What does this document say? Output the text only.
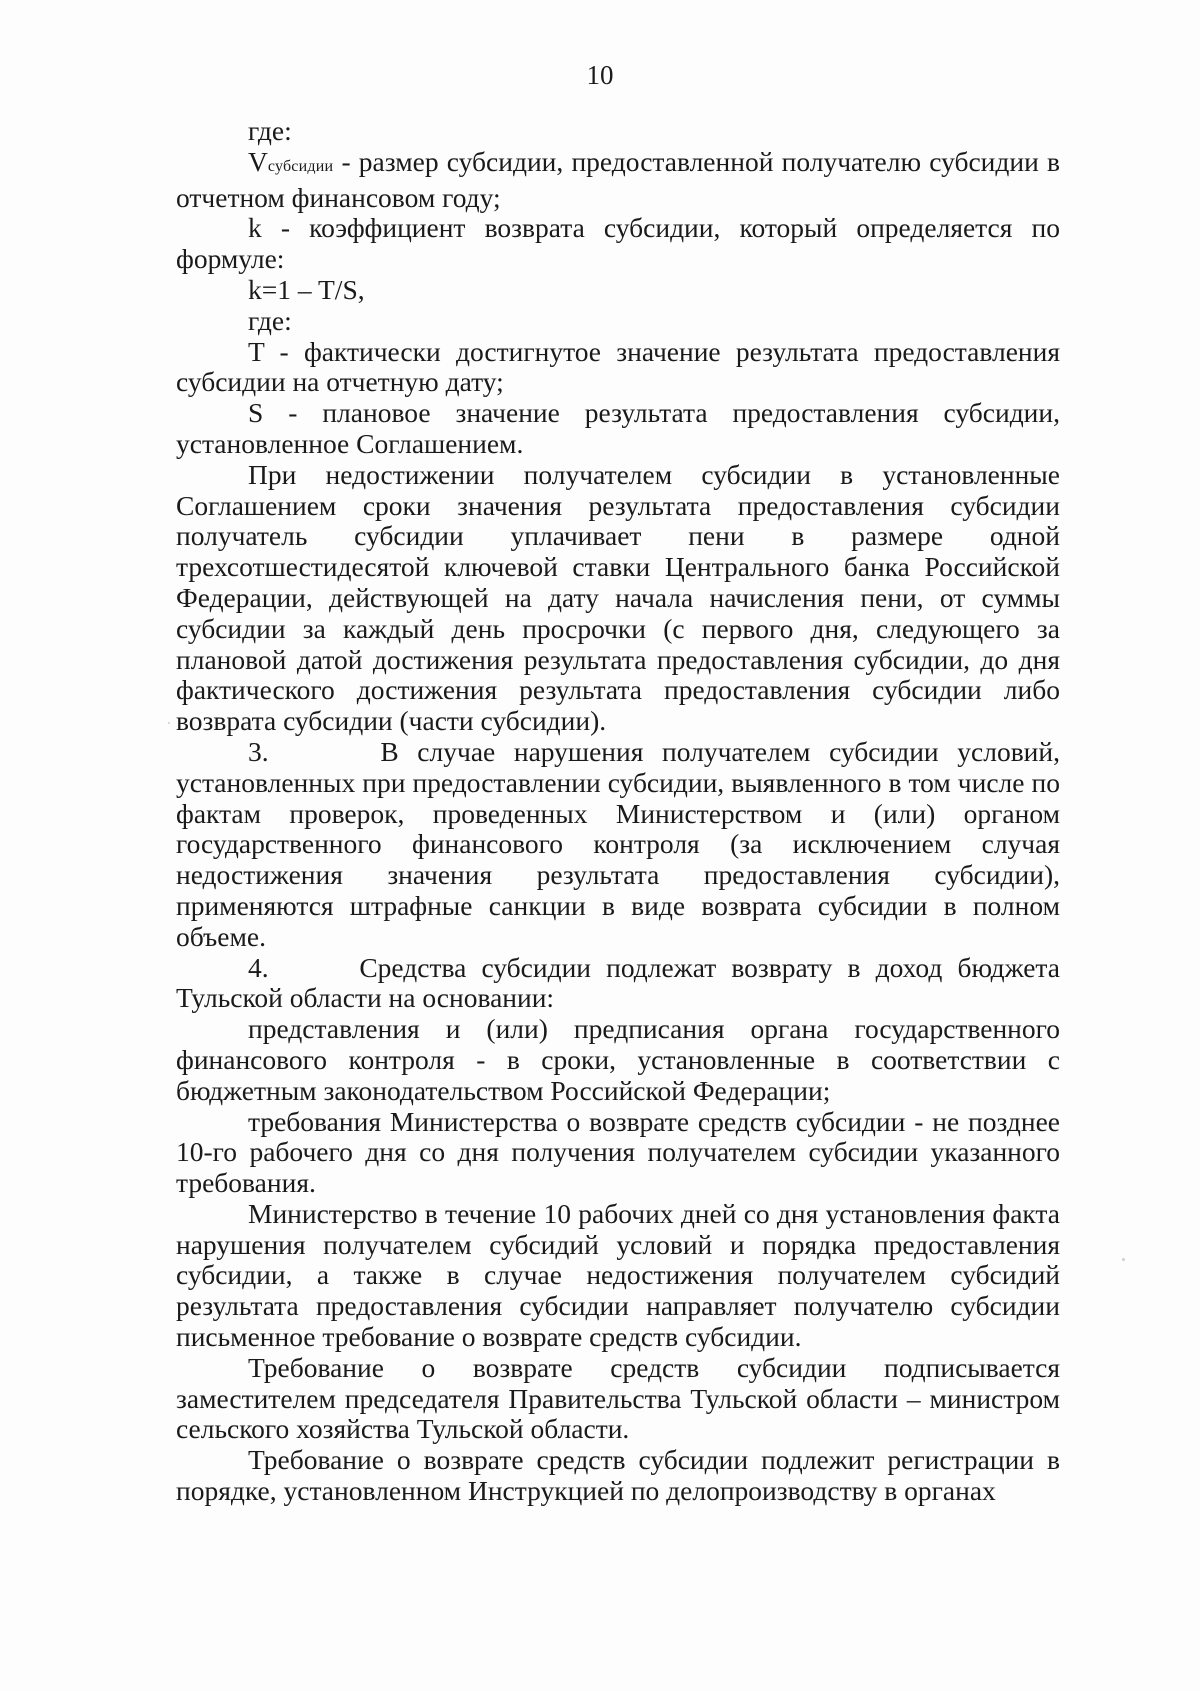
10

где:

Vсубсидии - размер субсидии, предоставленной получателю субсидии в отчетном финансовом году;

k - коэффициент возврата субсидии, который определяется по формуле:

k=1 – T/S,

где:

T - фактически достигнутое значение результата предоставления субсидии на отчетную дату;

S - плановое значение результата предоставления субсидии, установленное Соглашением.

При недостижении получателем субсидии в установленные Соглашением сроки значения результата предоставления субсидии получатель субсидии уплачивает пени в размере одной трехсотшестидесятой ключевой ставки Центрального банка Российской Федерации, действующей на дату начала начисления пени, от суммы субсидии за каждый день просрочки (с первого дня, следующего за плановой датой достижения результата предоставления субсидии, до дня фактического достижения результата предоставления субсидии либо возврата субсидии (части субсидии).

3.      В случае нарушения получателем субсидии условий, установленных при предоставлении субсидии, выявленного в том числе по фактам проверок, проведенных Министерством и (или) органом государственного финансового контроля (за исключением случая недостижения значения результата предоставления субсидии), применяются штрафные санкции в виде возврата субсидии в полном объеме.

4.      Средства субсидии подлежат возврату в доход бюджета Тульской области на основании:

представления и (или) предписания органа государственного финансового контроля - в сроки, установленные в соответствии с бюджетным законодательством Российской Федерации;

требования Министерства о возврате средств субсидии - не позднее 10-го рабочего дня со дня получения получателем субсидии указанного требования.

Министерство в течение 10 рабочих дней со дня установления факта нарушения получателем субсидий условий и порядка предоставления субсидии, а также в случае недостижения получателем субсидий результата предоставления субсидии направляет получателю субсидии письменное требование о возврате средств субсидии.

Требование о возврате средств субсидии подписывается заместителем председателя Правительства Тульской области – министром сельского хозяйства Тульской области.

Требование о возврате средств субсидии подлежит регистрации в порядке, установленном Инструкцией по делопроизводству в органах
